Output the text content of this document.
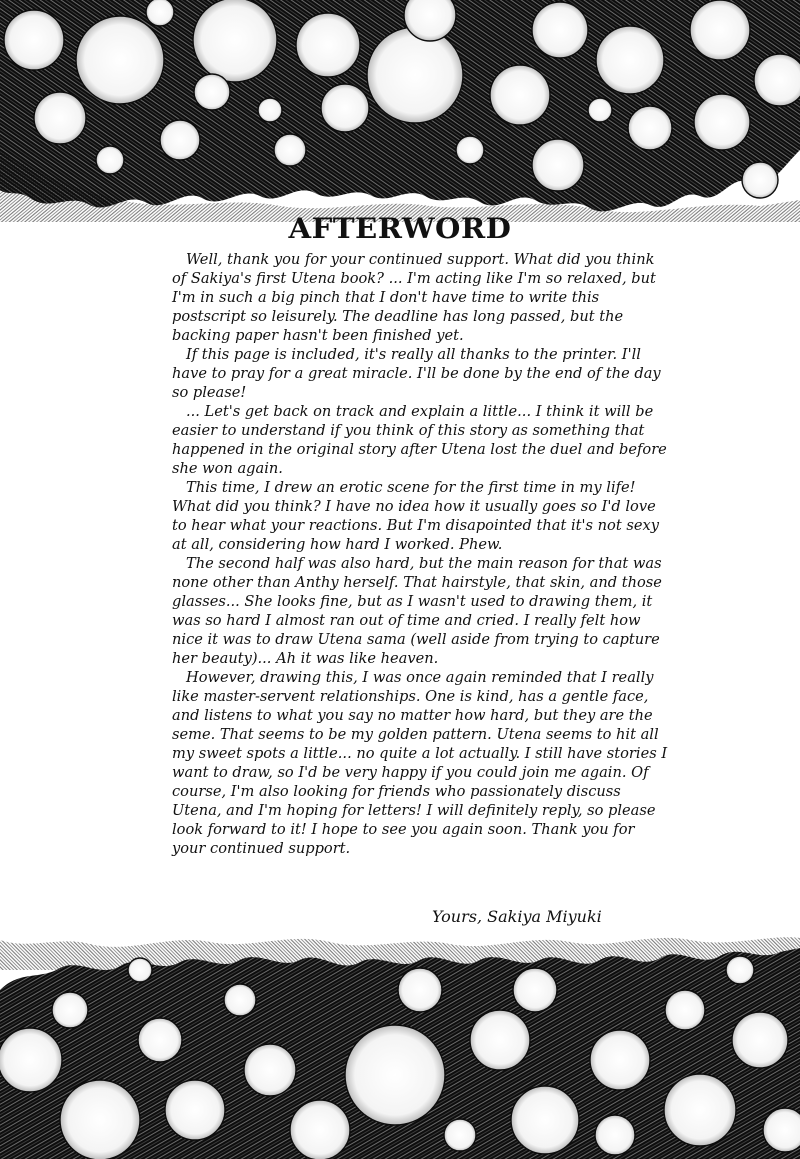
AFTERWORD

Well, thank you for your continued support. What did you think of Sakiya's first Utena book? ... I'm acting like I'm so relaxed, but I'm in such a big pinch that I don't have time to write this postscript so leisurely. The deadline has long passed, but the backing paper hasn't been finished yet.

If this page is included, it's really all thanks to the printer. I'll have to pray for a great miracle. I'll be done by the end of the day so please!

... Let's get back on track and explain a little... I think it will be easier to understand if you think of this story as something that happened in the original story after Utena lost the duel and before she won again.

This time, I drew an erotic scene for the first time in my life! What did you think? I have no idea how it usually goes so I'd love to hear what your reactions. But I'm disapointed that it's not sexy at all, considering how hard I worked. Phew.

The second half was also hard, but the main reason for that was none other than Anthy herself. That hairstyle, that skin, and those glasses... She looks fine, but as I wasn't used to drawing them, it was so hard I almost ran out of time and cried. I really felt how nice it was to draw Utena sama (well aside from trying to capture her beauty)... Ah it was like heaven.

However, drawing this, I was once again reminded that I really like master-servent relationships. One is kind, has a gentle face, and listens to what you say no matter how hard, but they are the seme. That seems to be my golden pattern. Utena seems to hit all my sweet spots a little... no quite a lot actually. I still have stories I want to draw, so I'd be very happy if you could join me again. Of course, I'm also looking for friends who passionately discuss Utena, and I'm hoping for letters! I will definitely reply, so please look forward to it! I hope to see you again soon. Thank you for your continued support.

Yours, Sakiya Miyuki
